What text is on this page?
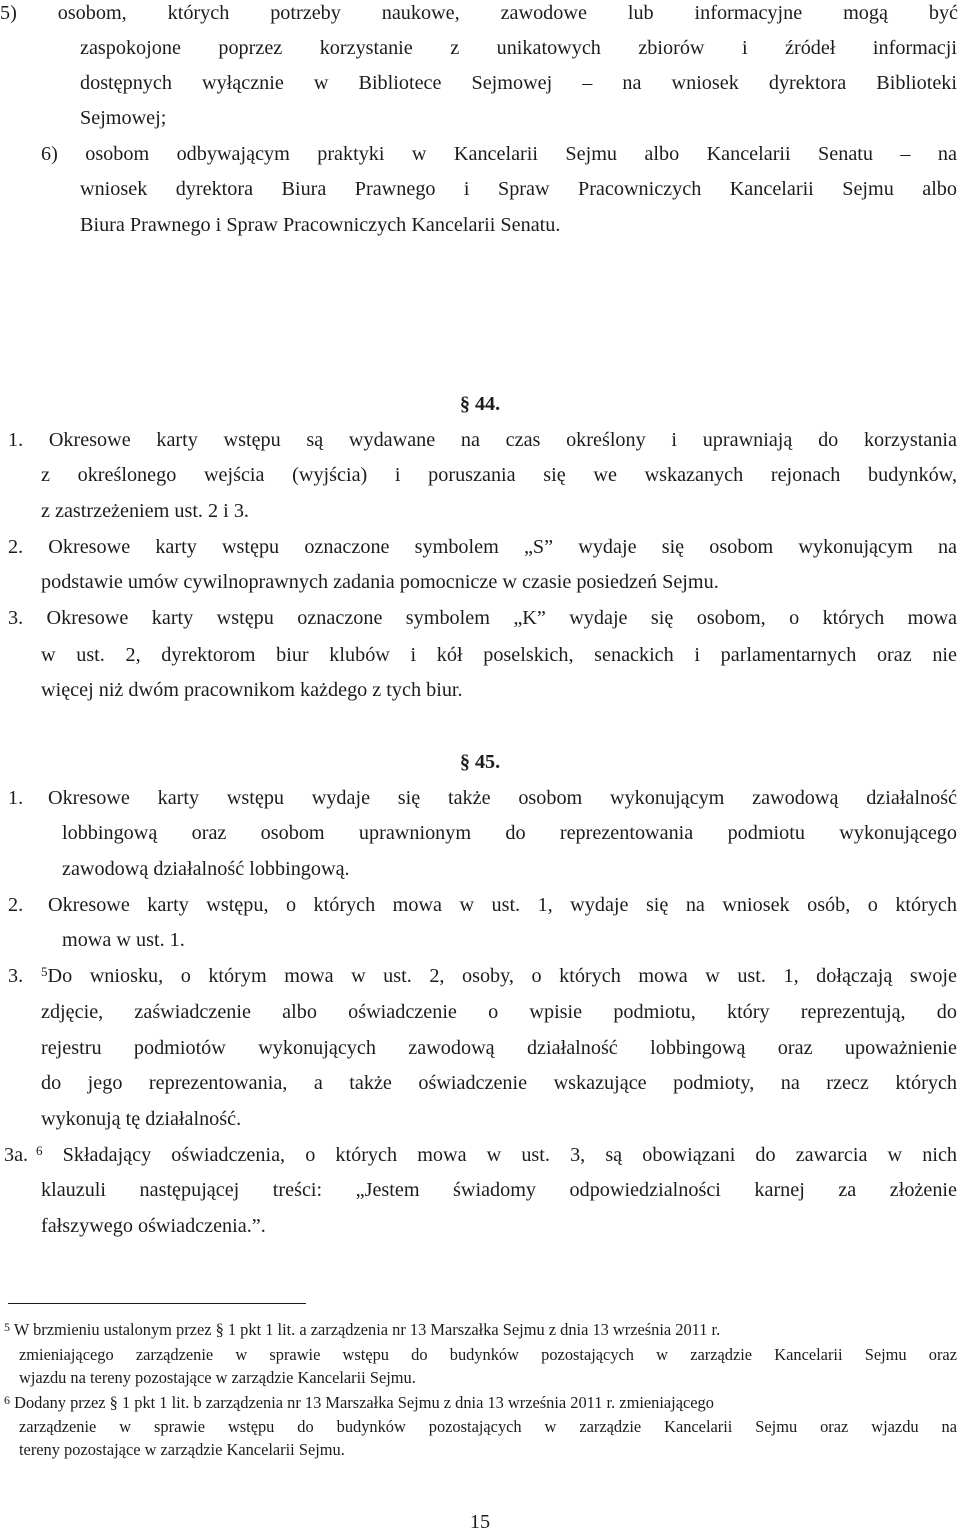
5) osobom, których potrzeby naukowe, zawodowe lub informacyjne mogą być
zaspokojone poprzez korzystanie z unikatowych zbiorów i źródeł informacji
dostępnych wyłącznie w Bibliotece Sejmowej – na wniosek dyrektora Biblioteki
Sejmowej;
6) osobom odbywającym praktyki w Kancelarii Sejmu albo Kancelarii Senatu – na
wniosek dyrektora Biura Prawnego i Spraw Pracowniczych Kancelarii Sejmu albo
Biura Prawnego i Spraw Pracowniczych Kancelarii Senatu.
§ 44.
1. Okresowe karty wstępu są wydawane na czas określony i uprawniają do korzystania
z określonego wejścia (wyjścia) i poruszania się we wskazanych rejonach budynków,
z zastrzeżeniem ust. 2 i 3.
2. Okresowe karty wstępu oznaczone symbolem „S” wydaje się osobom wykonującym na
podstawie umów cywilnoprawnych zadania pomocnicze w czasie posiedzeń Sejmu.
3. Okresowe karty wstępu oznaczone symbolem „K” wydaje się osobom, o których mowa
w ust. 2, dyrektorom biur klubów i kół poselskich, senackich i parlamentarnych oraz nie
więcej niż dwóm pracownikom każdego z tych biur.
§ 45.
1.	Okresowe karty wstępu wydaje się także osobom wykonującym zawodową działalność
lobbingową oraz osobom uprawnionym do reprezentowania podmiotu wykonującego
zawodową działalność lobbingową.
2.	Okresowe karty wstępu, o których mowa w ust. 1, wydaje się na wniosek osób, o których
mowa w ust. 1.
3.	$^5$Do wniosku, o którym mowa w ust. 2, osoby, o których mowa w ust. 1, dołączają swoje
zdjęcie, zaświadczenie albo oświadczenie o wpisie podmiotu, który reprezentują, do
rejestru podmiotów wykonujących zawodową działalność lobbingową oraz upoważnienie
do jego reprezentowania, a także oświadczenie wskazujące podmioty, na rzecz których
wykonują tę działalność.
3a. $^6$ Składający oświadczenia, o których mowa w ust. 3, są obowiązani do zawarcia w nich
klauzuli następującej treści: „Jestem świadomy odpowiedzialności karnej za złożenie
fałszywego oświadczenia.”.
$^5$ W brzmieniu ustalonym przez § 1 pkt 1 lit. a zarządzenia nr 13 Marszałka Sejmu z dnia 13 września 2011 r.
zmieniającego zarządzenie w sprawie wstępu do budynków pozostających w zarządzie Kancelarii Sejmu oraz
wjazdu na tereny pozostające w zarządzie Kancelarii Sejmu.
$^6$ Dodany przez § 1 pkt 1 lit. b zarządzenia nr 13 Marszałka Sejmu z dnia 13 września 2011 r. zmieniającego
zarządzenie w sprawie wstępu do budynków pozostających w zarządzie Kancelarii Sejmu oraz wjazdu na
tereny pozostające w zarządzie Kancelarii Sejmu.
15
